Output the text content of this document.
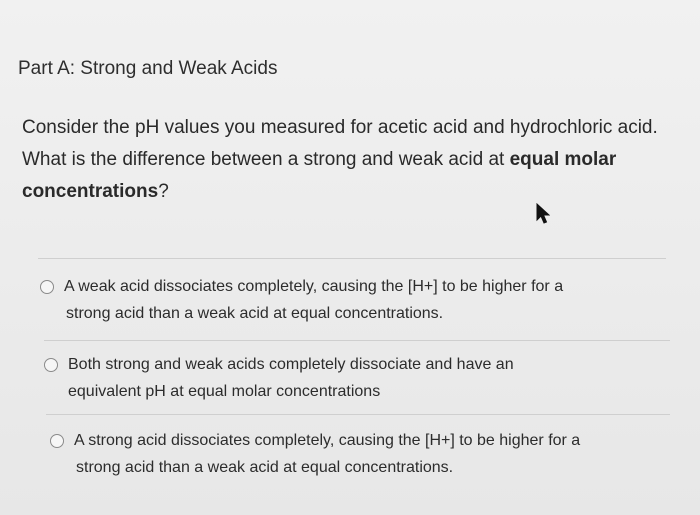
Part A: Strong and Weak Acids
Consider the pH values you measured for acetic acid and hydrochloric acid. What is the difference between a strong and weak acid at equal molar concentrations?
A weak acid dissociates completely, causing the [H+] to be higher for a
strong acid than a weak acid at equal concentrations.
Both strong and weak acids completely dissociate and have an
equivalent pH at equal molar concentrations
A strong acid dissociates completely, causing the [H+] to be higher for a
strong acid than a weak acid at equal concentrations.
